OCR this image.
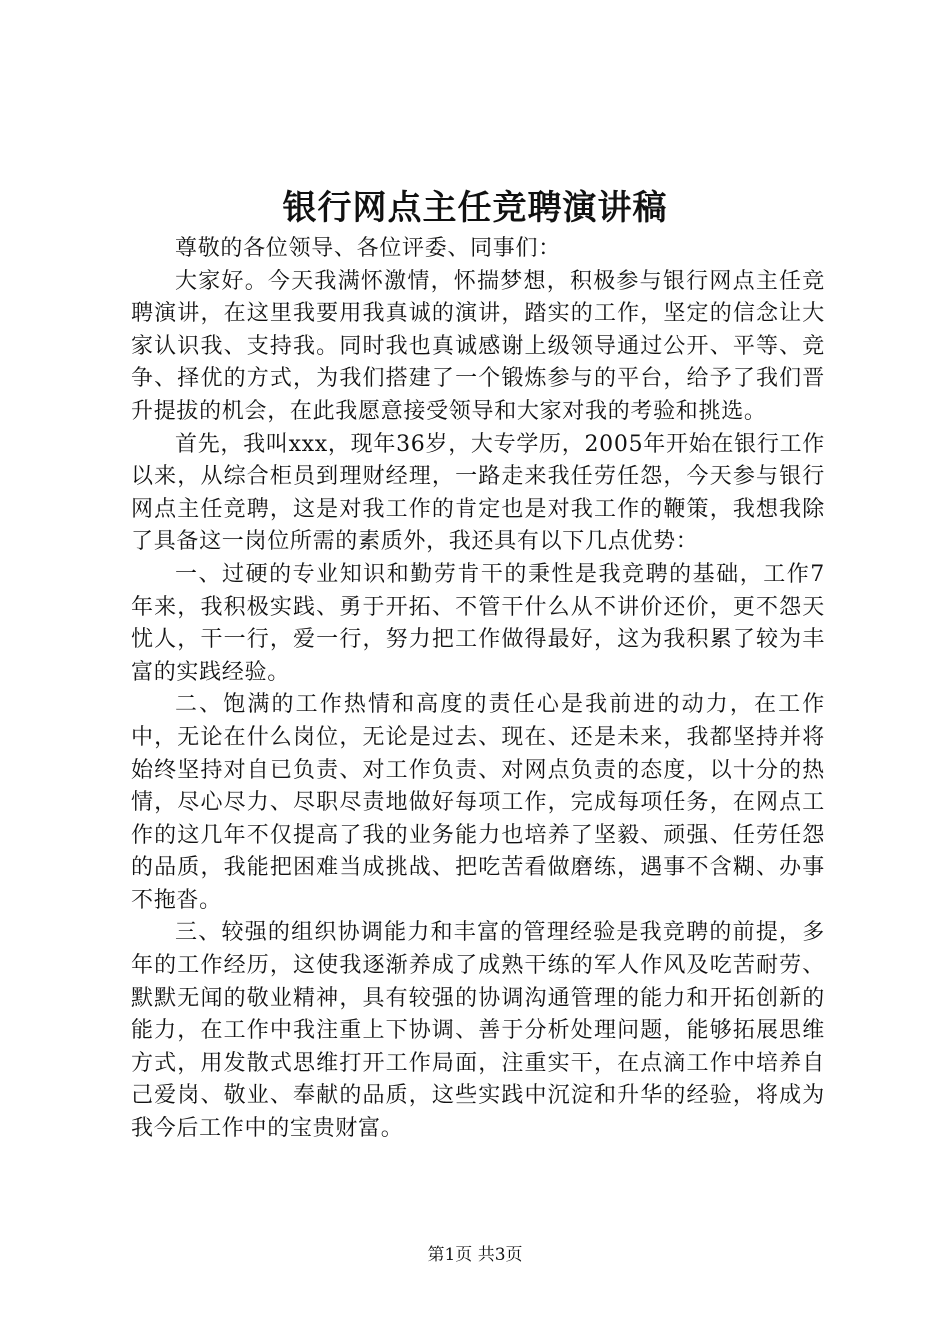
银行网点主任竞聘演讲稿

尊敬的各位领导、各位评委、同事们：

大家好。今天我满怀激情，怀揣梦想，积极参与银行网点主任竞聘演讲，在这里我要用我真诚的演讲，踏实的工作，坚定的信念让大家认识我、支持我。同时我也真诚感谢上级领导通过公开、平等、竞争、择优的方式，为我们搭建了一个锻炼参与的平台，给予了我们晋升提拔的机会，在此我愿意接受领导和大家对我的考验和挑选。

首先，我叫xxx，现年36岁，大专学历，2005年开始在银行工作以来，从综合柜员到理财经理，一路走来我任劳任怨，今天参与银行网点主任竞聘，这是对我工作的肯定也是对我工作的鞭策，我想我除了具备这一岗位所需的素质外，我还具有以下几点优势：

一、过硬的专业知识和勤劳肯干的秉性是我竞聘的基础，工作7年来，我积极实践、勇于开拓、不管干什么从不讲价还价，更不怨天忧人，干一行，爱一行，努力把工作做得最好，这为我积累了较为丰富的实践经验。

二、饱满的工作热情和高度的责任心是我前进的动力，在工作中，无论在什么岗位，无论是过去、现在、还是未来，我都坚持并将始终坚持对自已负责、对工作负责、对网点负责的态度，以十分的热情，尽心尽力、尽职尽责地做好每项工作，完成每项任务，在网点工作的这几年不仅提高了我的业务能力也培养了坚毅、顽强、任劳任怨的品质，我能把困难当成挑战、把吃苦看做磨练，遇事不含糊、办事不拖沓。

三、较强的组织协调能力和丰富的管理经验是我竞聘的前提，多年的工作经历，这使我逐渐养成了成熟干练的军人作风及吃苦耐劳、默默无闻的敬业精神，具有较强的协调沟通管理的能力和开拓创新的能力，在工作中我注重上下协调、善于分析处理问题，能够拓展思维方式，用发散式思维打开工作局面，注重实干，在点滴工作中培养自己爱岗、敬业、奉献的品质，这些实践中沉淀和升华的经验，将成为我今后工作中的宝贵财富。

第1页 共3页
